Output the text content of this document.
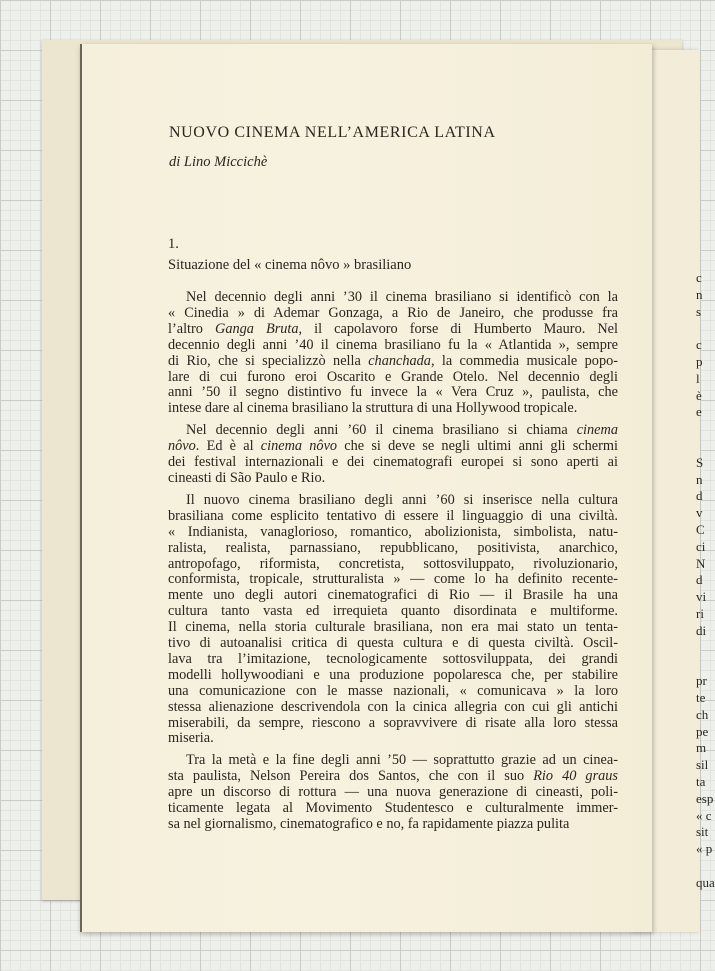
c
n
s

c
p
l
è
e

S
n
d
v
C
ci
N
d
vi
ri
di

pr
te
ch
pe
m
sil
ta
esp
« c
sit
« p

qua
NUOVO CINEMA NELL’AMERICA LATINA
di Lino Miccichè
1.
Situazione del « cinema nôvo » brasiliano
Nel decennio degli anni ’30 il cinema brasiliano si identificò con la
« Cinedia » di Ademar Gonzaga, a Rio de Janeiro, che produsse fra
l’altro Ganga Bruta, il capolavoro forse di Humberto Mauro. Nel
decennio degli anni ’40 il cinema brasiliano fu la « Atlantida », sempre
di Rio, che si specializzò nella chanchada, la commedia musicale popo-
lare di cui furono eroi Oscarito e Grande Otelo. Nel decennio degli
anni ’50 il segno distintivo fu invece la « Vera Cruz », paulista, che
intese dare al cinema brasiliano la struttura di una Hollywood tropicale.
Nel decennio degli anni ’60 il cinema brasiliano si chiama cinema
nôvo. Ed è al cinema nôvo che si deve se negli ultimi anni gli schermi
dei festival internazionali e dei cinematografi europei si sono aperti ai
cineasti di São Paulo e Rio.
Il nuovo cinema brasiliano degli anni ’60 si inserisce nella cultura
brasiliana come esplicito tentativo di essere il linguaggio di una civiltà.
« Indianista, vanaglorioso, romantico, abolizionista, simbolista, natu-
ralista, realista, parnassiano, repubblicano, positivista, anarchico,
antropofago, riformista, concretista, sottosviluppato, rivoluzionario,
conformista, tropicale, strutturalista » — come lo ha definito recente-
mente uno degli autori cinematografici di Rio — il Brasile ha una
cultura tanto vasta ed irrequieta quanto disordinata e multiforme.
Il cinema, nella storia culturale brasiliana, non era mai stato un tenta-
tivo di autoanalisi critica di questa cultura e di questa civiltà. Oscil-
lava tra l’imitazione, tecnologicamente sottosviluppata, dei grandi
modelli hollywoodiani e una produzione popolaresca che, per stabilire
una comunicazione con le masse nazionali, « comunicava » la loro
stessa alienazione descrivendola con la cinica allegria con cui gli antichi
miserabili, da sempre, riescono a sopravvivere di risate alla loro stessa
miseria.
Tra la metà e la fine degli anni ’50 — soprattutto grazie ad un cinea-
sta paulista, Nelson Pereira dos Santos, che con il suo Rio 40 graus
apre un discorso di rottura — una nuova generazione di cineasti, poli-
ticamente legata al Movimento Studentesco e culturalmente immer-
sa nel giornalismo, cinematografico e no, fa rapidamente piazza pulita
